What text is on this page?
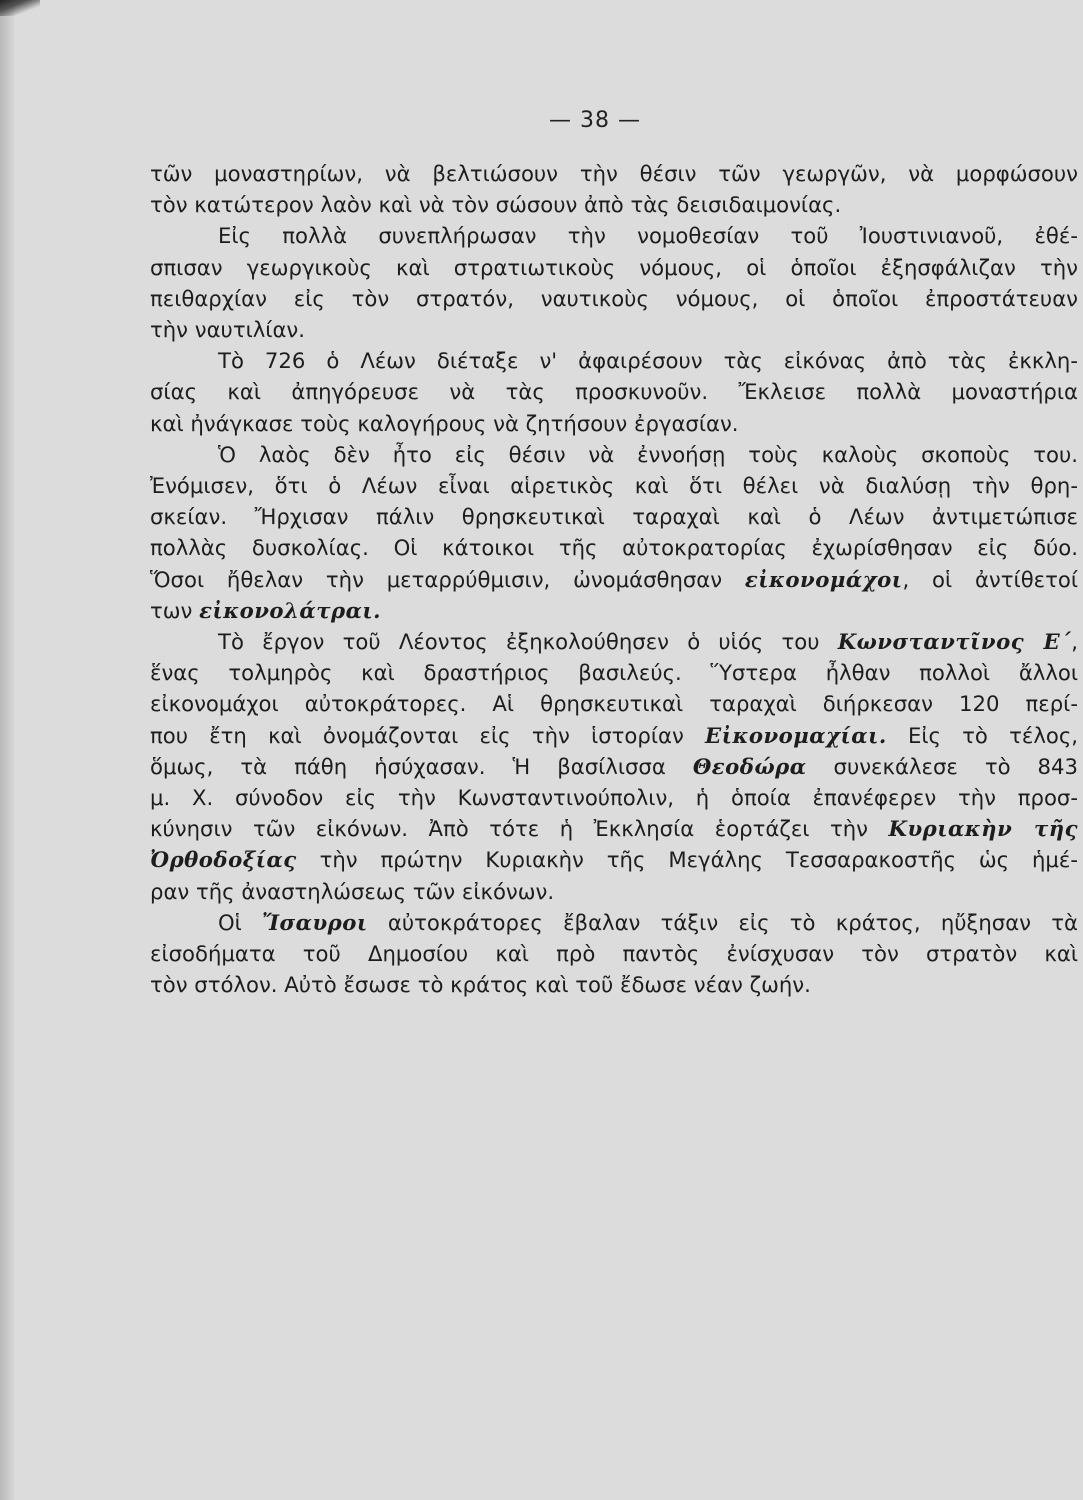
— 38 —
τῶν μοναστηρίων, νὰ βελτιώσουν τὴν θέσιν τῶν γεωργῶν, νὰ μορφώσουν
τὸν κατώτερον λαὸν καὶ νὰ τὸν σώσουν ἀπὸ τὰς δεισιδαιμονίας.
Εἰς πολλὰ συνεπλήρωσαν τὴν νομοθεσίαν τοῦ Ἰουστινιανοῦ, ἐθέ-
σπισαν γεωργικοὺς καὶ στρατιωτικοὺς νόμους, οἱ ὁποῖοι ἐξησφάλιζαν τὴν
πειθαρχίαν εἰς τὸν στρατόν, ναυτικοὺς νόμους, οἱ ὁποῖοι ἐπροστάτευαν
τὴν ναυτιλίαν.
Τὸ 726 ὁ Λέων διέταξε ν' ἀφαιρέσουν τὰς εἰκόνας ἀπὸ τὰς ἐκκλη-
σίας καὶ ἀπηγόρευσε νὰ τὰς προσκυνοῦν. Ἔκλεισε πολλὰ μοναστήρια
καὶ ἠνάγκασε τοὺς καλογήρους νὰ ζητήσουν ἐργασίαν.
Ὁ λαὸς δὲν ἦτο εἰς θέσιν νὰ ἐννοήσῃ τοὺς καλοὺς σκοποὺς του.
Ἐνόμισεν, ὅτι ὁ Λέων εἶναι αἱρετικὸς καὶ ὅτι θέλει νὰ διαλύσῃ τὴν θρη-
σκείαν. Ἤρχισαν πάλιν θρησκευτικαὶ ταραχαὶ καὶ ὁ Λέων ἀντιμετώπισε
πολλὰς δυσκολίας. Οἱ κάτοικοι τῆς αὐτοκρατορίας ἐχωρίσθησαν εἰς δύο.
Ὅσοι ἤθελαν τὴν μεταρρύθμισιν, ὠνομάσθησαν εἰκονομάχοι, οἱ ἀντίθετοί
των εἰκονολάτραι.
Τὸ ἔργον τοῦ Λέοντος ἐξηκολούθησεν ὁ υἱός του Κωνσταντῖνος Ε΄,
ἕνας τολμηρὸς καὶ δραστήριος βασιλεύς. Ὕστερα ἦλθαν πολλοὶ ἄλλοι
εἰκονομάχοι αὐτοκράτορες. Αἱ θρησκευτικαὶ ταραχαὶ διήρκεσαν 120 περί-
που ἔτη καὶ ὀνομάζονται εἰς τὴν ἱστορίαν Εἰκονομαχίαι. Εἰς τὸ τέλος,
ὅμως, τὰ πάθη ἡσύχασαν. Ἡ βασίλισσα Θεοδώρα συνεκάλεσε τὸ 843
μ. Χ. σύνοδον εἰς τὴν Κωνσταντινούπολιν, ἡ ὁποία ἐπανέφερεν τὴν προσ-
κύνησιν τῶν εἰκόνων. Ἀπὸ τότε ἡ Ἐκκλησία ἑορτάζει τὴν Κυριακὴν τῆς
Ὀρθοδοξίας τὴν πρώτην Κυριακὴν τῆς Μεγάλης Τεσσαρακοστῆς ὡς ἡμέ-
ραν τῆς ἀναστηλώσεως τῶν εἰκόνων.
Οἱ Ἴσαυροι αὐτοκράτορες ἔβαλαν τάξιν εἰς τὸ κράτος, ηὔξησαν τὰ
εἰσοδήματα τοῦ Δημοσίου καὶ πρὸ παντὸς ἐνίσχυσαν τὸν στρατὸν καὶ
τὸν στόλον. Αὐτὸ ἔσωσε τὸ κράτος καὶ τοῦ ἔδωσε νέαν ζωήν.
